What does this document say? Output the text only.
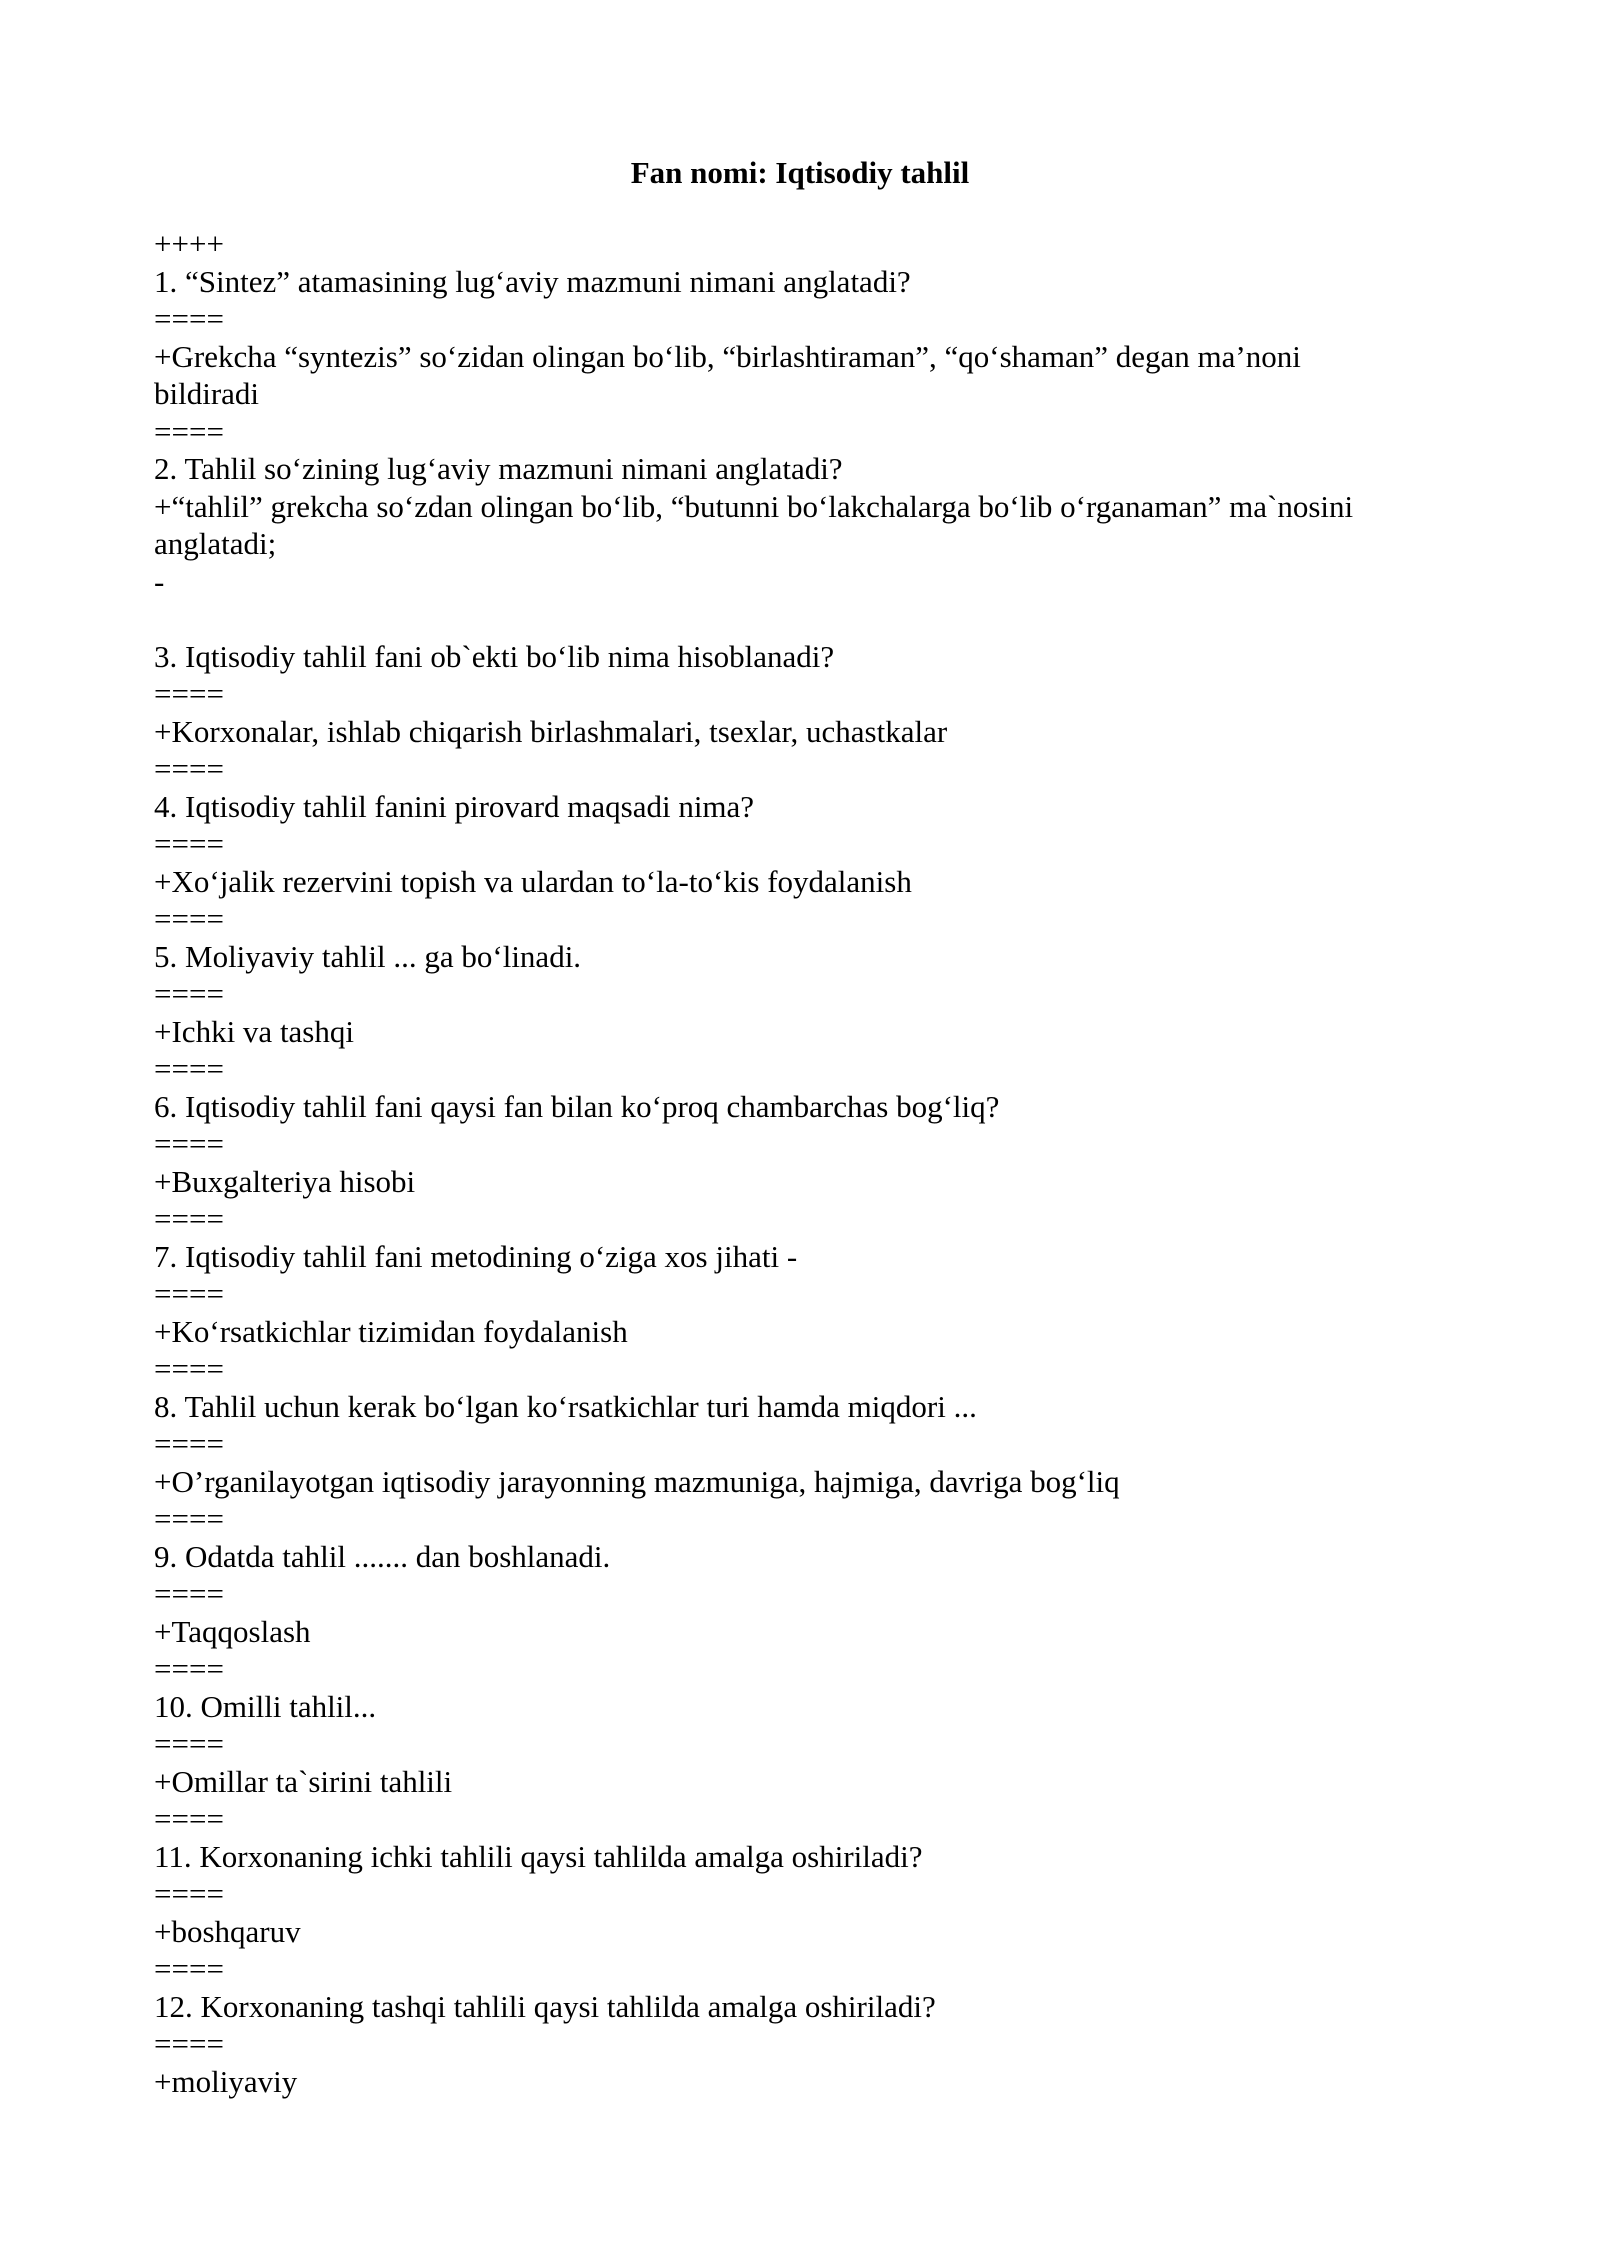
Fan nomi: Iqtisodiy tahlil
++++
1. “Sintez” atamasining lug‘aviy mazmuni nimani anglatadi?
====
+Grekcha “syntezis” so‘zidan olingan bo‘lib, “birlashtiraman”, “qo‘shaman” degan ma’noni
bildiradi
====
2. Tahlil so‘zining lug‘aviy mazmuni nimani anglatadi?
+“tahlil” grekcha so‘zdan olingan bo‘lib, “butunni bo‘lakchalarga bo‘lib o‘rganaman” ma`nosini
anglatadi;
-
3. Iqtisodiy tahlil fani ob`ekti bo‘lib nima hisoblanadi?
====
+Korxonalar, ishlab chiqarish birlashmalari, tsexlar, uchastkalar
====
4. Iqtisodiy tahlil fanini pirovard maqsadi nima?
====
+Xo‘jalik rezervini topish va ulardan to‘la-to‘kis foydalanish
====
5. Moliyaviy tahlil ... ga bo‘linadi.
====
+Ichki va tashqi
====
6. Iqtisodiy tahlil fani qaysi fan bilan ko‘proq chambarchas bog‘liq?
====
+Buxgalteriya hisobi
====
7. Iqtisodiy tahlil fani metodining o‘ziga xos jihati -
====
+Ko‘rsatkichlar tizimidan foydalanish
====
8. Tahlil uchun kerak bo‘lgan ko‘rsatkichlar turi hamda miqdori ...
====
+O’rganilayotgan iqtisodiy jarayonning mazmuniga, hajmiga, davriga bog‘liq
====
9. Odatda tahlil ....... dan boshlanadi.
====
+Taqqoslash
====
10. Omilli tahlil...
====
+Omillar ta`sirini tahlili
====
11. Korxonaning ichki tahlili qaysi tahlilda amalga oshiriladi?
====
+boshqaruv
====
12. Korxonaning tashqi tahlili qaysi tahlilda amalga oshiriladi?
====
+moliyaviy
